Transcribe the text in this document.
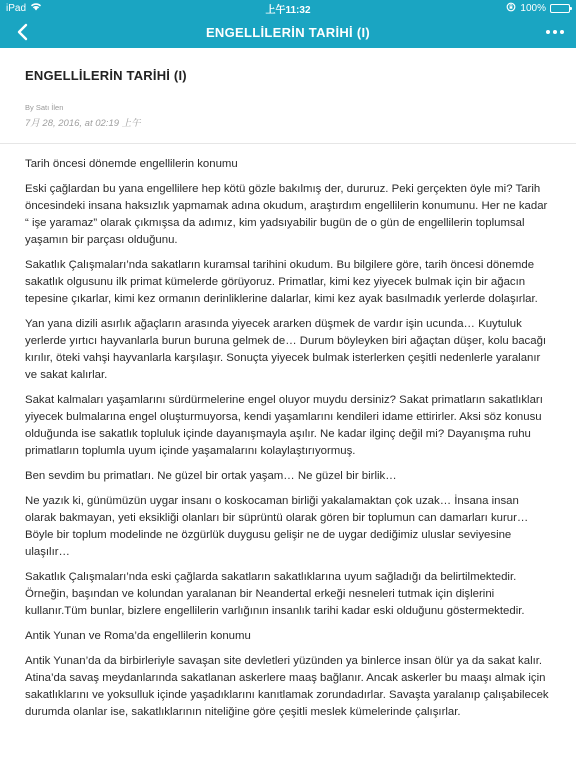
iPad	上午11:32	100%
ENGELLİLERİN TARİHİ (I)
ENGELLİLERİN TARİHİ (I)
By Satı İlen
7月 28, 2016, at 02:19 上午

Tarih öncesi dönemde engellilerin konumu

Eski çağlardan bu yana engellilere hep kötü gözle bakılmış der, dururuz. Peki gerçekten öyle mi? Tarih öncesindeki insana haksızlık yapmamak adına okudum, araştırdım engellilerin konumunu. Her ne kadar “ işe yaramaz” olarak çıkmışsa da adımız, kim yadsıyabilir bugün de o gün de engellilerin toplumsal yaşamın bir parçası olduğunu.

Sakatlık Çalışmaları’nda sakatların kuramsal tarihini okudum. Bu bilgilere göre, tarih öncesi dönemde sakatlık olgusunu ilk primat kümelerde görüyoruz. Primatlar, kimi kez yiyecek bulmak için bir ağacın tepesine çıkarlar, kimi kez ormanın derinliklerine dalarlar, kimi kez ayak basılmadık yerlerde dolaşırlar.

Yan yana dizili asırlık ağaçların arasında yiyecek ararken düşmek de vardır işin ucunda… Kuytuluk yerlerde yırtıcı hayvanlarla burun buruna gelmek de… Durum böyleyken biri ağaçtan düşer, kolu bacağı kırılır, öteki vahşi hayvanlarla karşılaşır. Sonuçta yiyecek bulmak isterlerken çeşitli nedenlerle yaralanır ve sakat kalırlar.

Sakat kalmaları yaşamlarını sürdürmelerine engel oluyor muydu dersiniz? Sakat primatların sakatlıkları yiyecek bulmalarına engel oluşturmuyorsa, kendi yaşamlarını kendileri idame ettirirler. Aksi söz konusu olduğunda ise sakatlık topluluk içinde dayanışmayla aşılır. Ne kadar ilginç değil mi? Dayanışma ruhu primatların toplumla uyum içinde yaşamalarını kolaylaştırıyormuş.

Ben sevdim bu primatları. Ne güzel bir ortak yaşam… Ne güzel bir birlik…

Ne yazık ki, günümüzün uygar insanı o koskocaman birliği yakalamaktan çok uzak… İnsana insan olarak bakmayan, yeti eksikliği olanları bir süprüntü olarak gören bir toplumun can damarları kurur… Böyle bir toplum modelinde ne özgürlük duygusu gelişir ne de uygar dediğimiz uluslar seviyesine ulaşılır…

Sakatlık Çalışmaları’nda eski çağlarda sakatların sakatlıklarına uyum sağladığı da belirtilmektedir. Örneğin, başından ve kolundan yaralanan bir Neandertal erkeği nesneleri tutmak için dişlerini kullanır.Tüm bunlar, bizlere engellilerin varlığının insanlık tarihi kadar eski olduğunu göstermektedir.

Antik Yunan ve Roma’da engellilerin konumu

Antik Yunan’da da birbirleriyle savaşan site devletleri yüzünden ya binlerce insan ölür ya da sakat kalır. Atina’da savaş meydanlarında sakatlanan askerlere maaş bağlanır. Ancak askerler bu maaşı almak için sakatlıklarını ve yoksulluk içinde yaşadıklarını kanıtlamak zorundadırlar. Savaşta yaralanıp çalışabilecek durumda olanlar ise, sakatlıklarının niteliğine göre çeşitli meslek kümelerinde çalışırlar.
